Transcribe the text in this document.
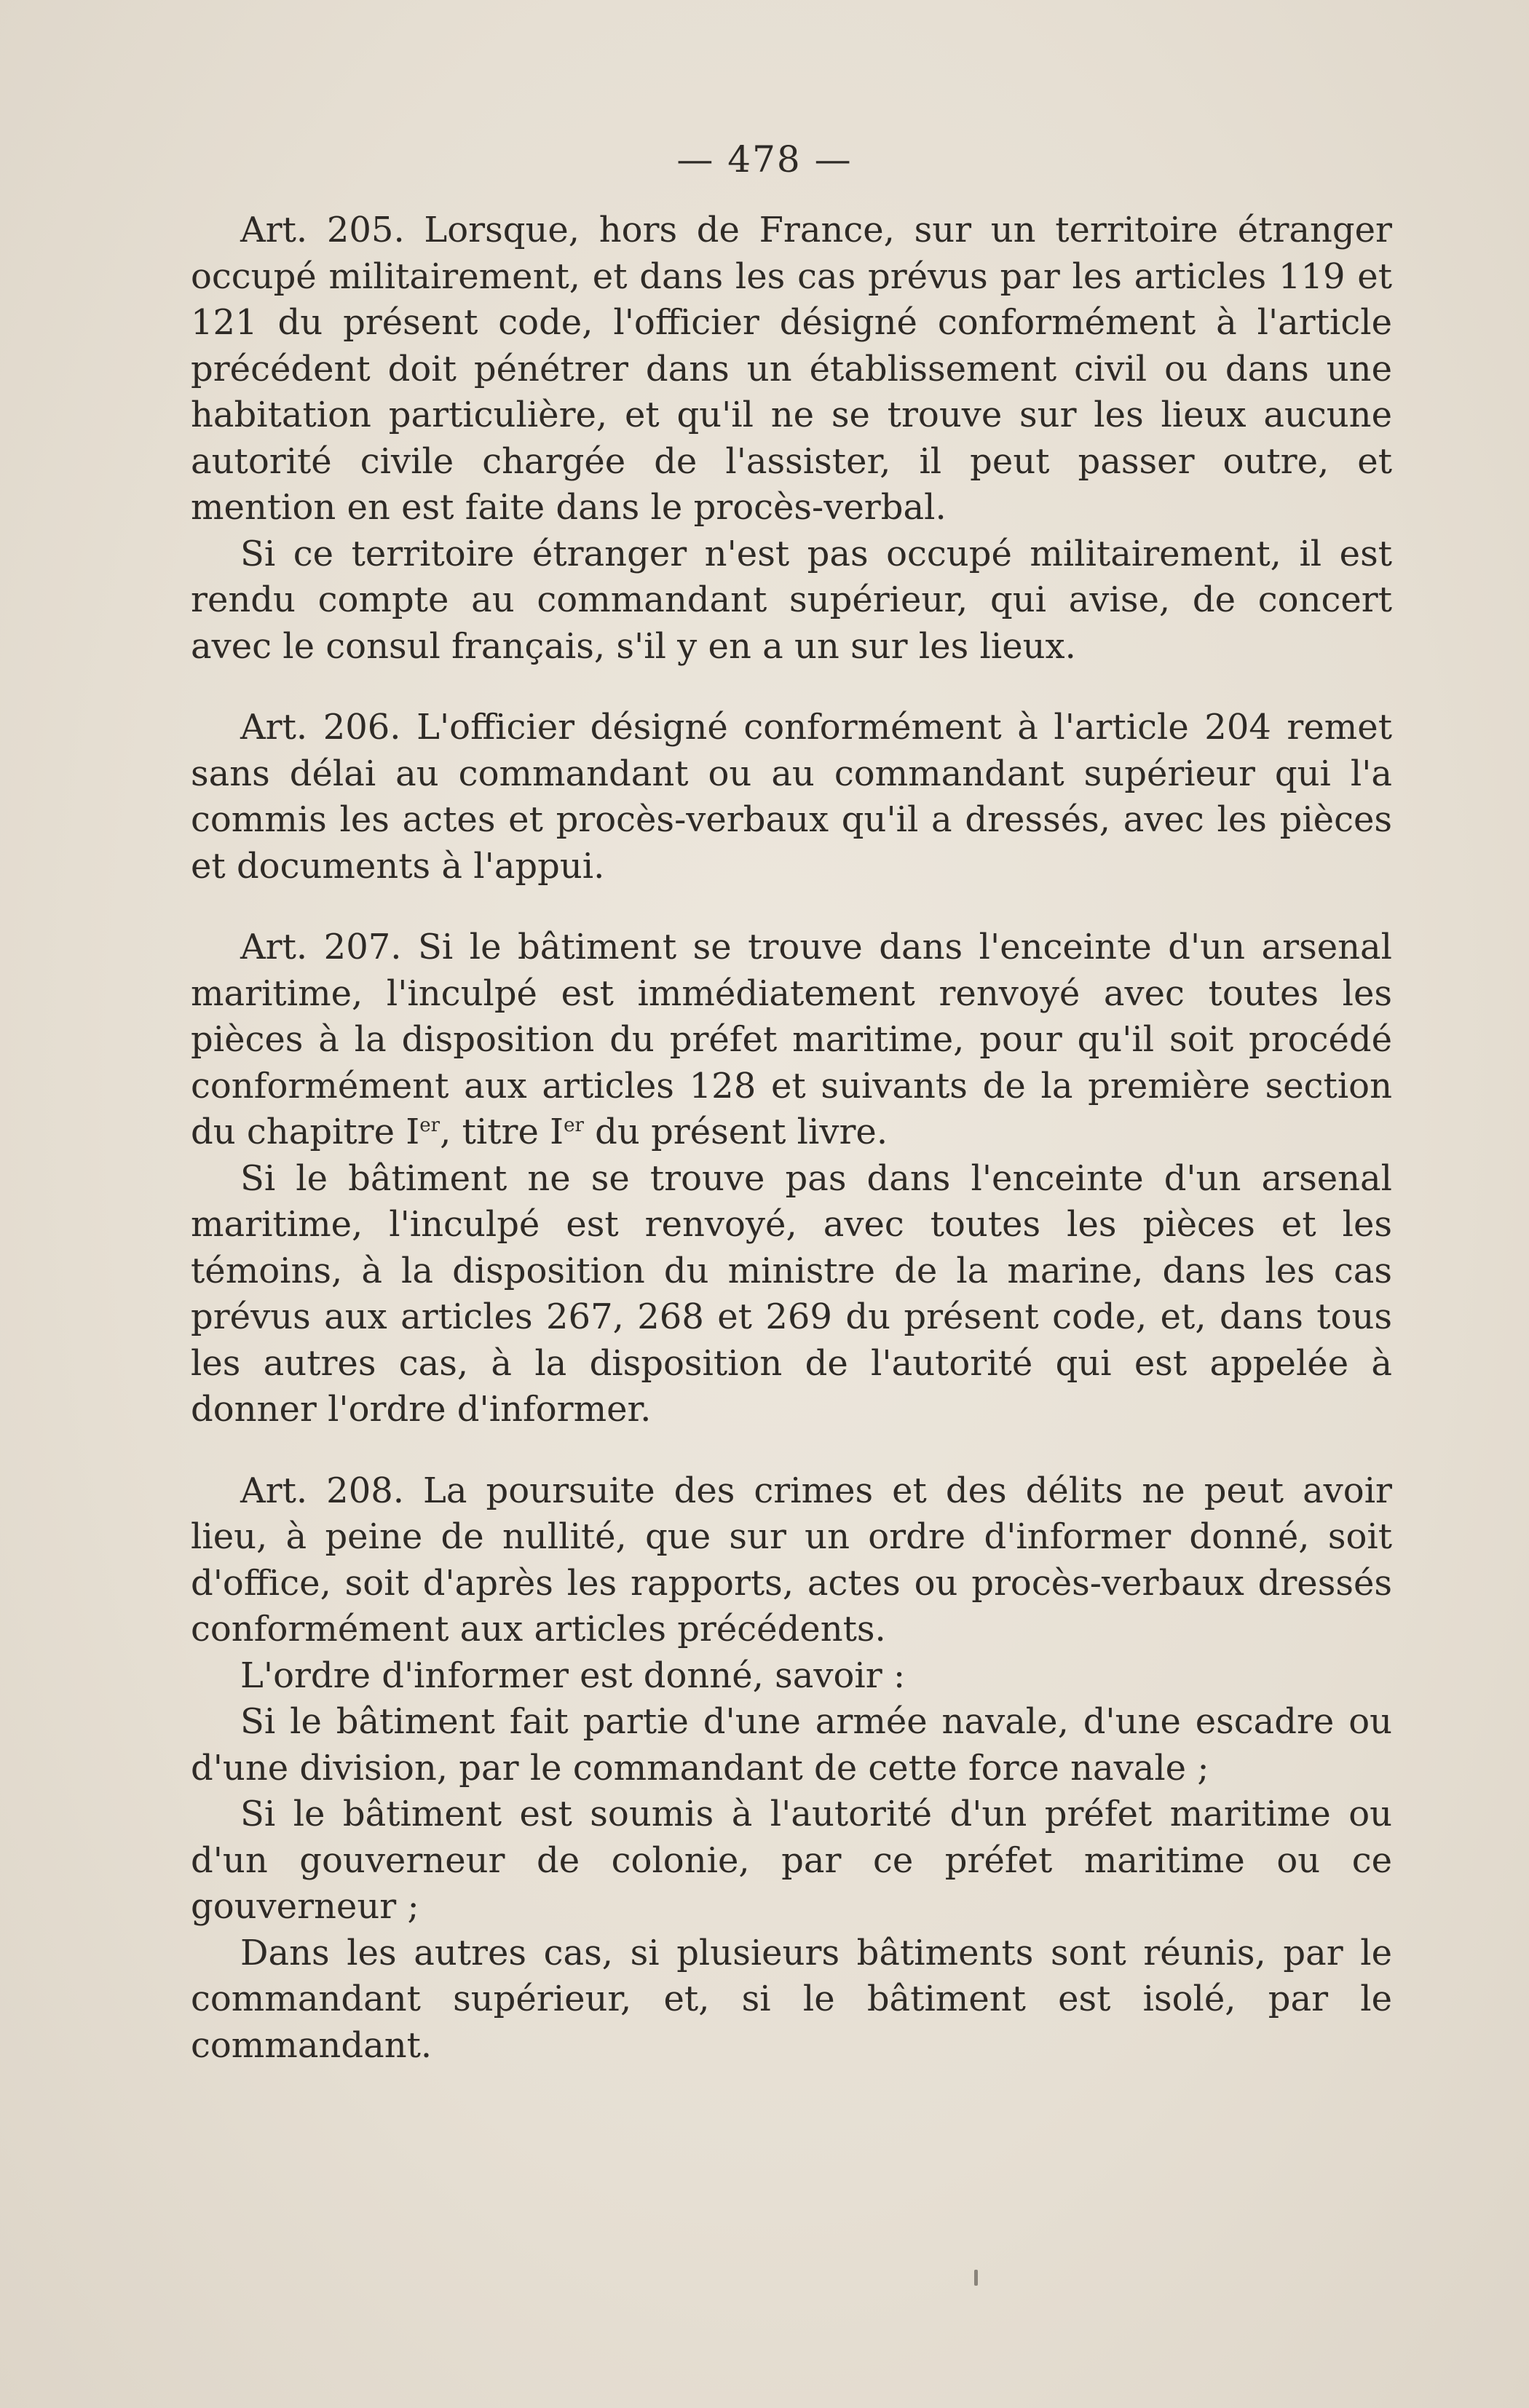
— 478 —

Art. 205. Lorsque, hors de France, sur un territoire étranger occupé militairement, et dans les cas prévus par les articles 119 et 121 du présent code, l'officier désigné conformément à l'article précédent doit pénétrer dans un établissement civil ou dans une habitation particulière, et qu'il ne se trouve sur les lieux aucune autorité civile chargée de l'assister, il peut passer outre, et mention en est faite dans le procès-verbal.

Si ce territoire étranger n'est pas occupé militairement, il est rendu compte au commandant supérieur, qui avise, de concert avec le consul français, s'il y en a un sur les lieux.

Art. 206. L'officier désigné conformément à l'article 204 remet sans délai au commandant ou au commandant supérieur qui l'a commis les actes et procès-verbaux qu'il a dressés, avec les pièces et documents à l'appui.

Art. 207. Si le bâtiment se trouve dans l'enceinte d'un arsenal maritime, l'inculpé est immédiatement renvoyé avec toutes les pièces à la disposition du préfet maritime, pour qu'il soit procédé conformément aux articles 128 et suivants de la première section du chapitre Ier, titre Ier du présent livre.

Si le bâtiment ne se trouve pas dans l'enceinte d'un arsenal maritime, l'inculpé est renvoyé, avec toutes les pièces et les témoins, à la disposition du ministre de la marine, dans les cas prévus aux articles 267, 268 et 269 du présent code, et, dans tous les autres cas, à la disposition de l'autorité qui est appelée à donner l'ordre d'informer.

Art. 208. La poursuite des crimes et des délits ne peut avoir lieu, à peine de nullité, que sur un ordre d'informer donné, soit d'office, soit d'après les rapports, actes ou procès-verbaux dressés conformément aux articles précédents.

L'ordre d'informer est donné, savoir :

Si le bâtiment fait partie d'une armée navale, d'une escadre ou d'une division, par le commandant de cette force navale ;

Si le bâtiment est soumis à l'autorité d'un préfet maritime ou d'un gouverneur de colonie, par ce préfet maritime ou ce gouverneur ;

Dans les autres cas, si plusieurs bâtiments sont réunis, par le commandant supérieur, et, si le bâtiment est isolé, par le commandant.
